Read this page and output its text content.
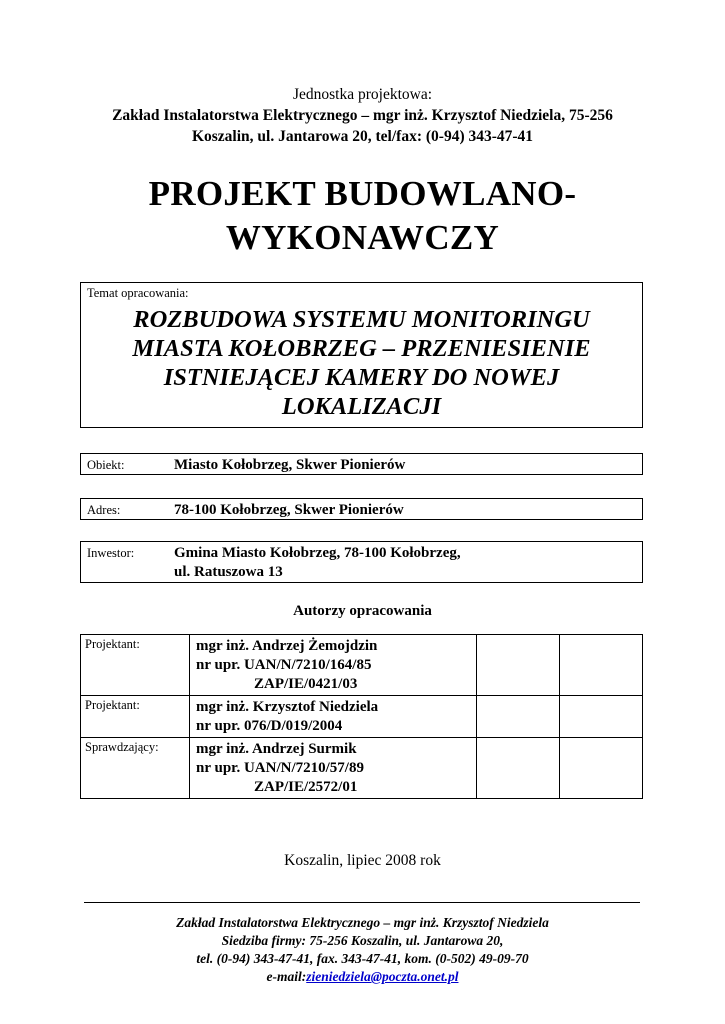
Jednostka projektowa:
Zakład Instalatorstwa Elektrycznego – mgr inż. Krzysztof Niedziela, 75-256
Koszalin, ul. Jantarowa 20, tel/fax: (0-94) 343-47-41
PROJEKT BUDOWLANO-
WYKONAWCZY
Temat opracowania:
ROZBUDOWA SYSTEMU MONITORINGU
MIASTA KOŁOBRZEG – PRZENIESIENIE
ISTNIEJĄCEJ KAMERY DO NOWEJ
LOKALIZACJI
Obiekt:	Miasto Kołobrzeg, Skwer Pionierów
Adres:	78-100 Kołobrzeg, Skwer Pionierów
Inwestor:	Gmina Miasto Kołobrzeg, 78-100 Kołobrzeg,
ul. Ratuszowa 13
Autorzy opracowania
Projektant:	mgr inż. Andrzej Żemojdzin
nr upr. UAN/N/7210/164/85
ZAP/IE/0421/03		

Projektant:	mgr inż. Krzysztof Niedziela
nr upr. 076/D/019/2004		

Sprawdzający:	mgr inż. Andrzej Surmik
nr upr. UAN/N/7210/57/89
ZAP/IE/2572/01		

Koszalin, lipiec 2008 rok
Zakład Instalatorstwa Elektrycznego – mgr inż. Krzysztof Niedziela
Siedziba firmy: 75-256 Koszalin, ul. Jantarowa 20,
tel. (0-94) 343-47-41, fax. 343-47-41, kom. (0-502) 49-09-70
e-mail:zieniedziela@poczta.onet.pl
